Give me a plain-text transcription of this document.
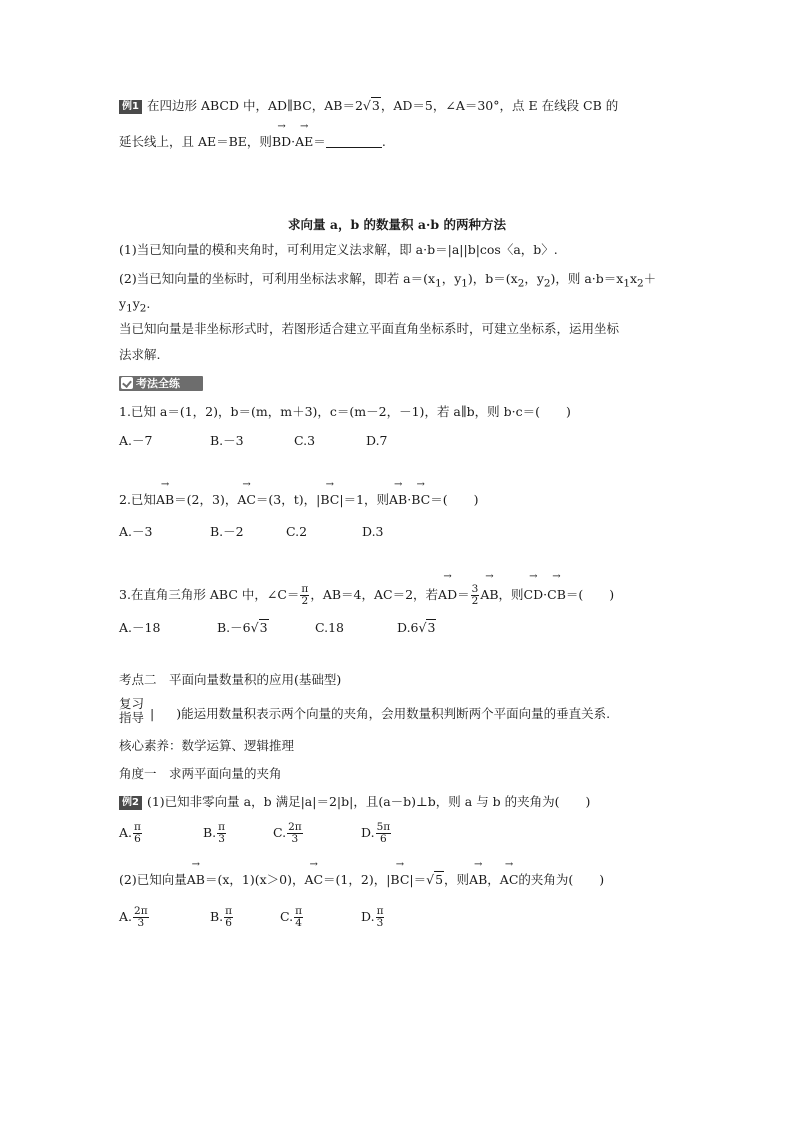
例1 在四边形 ABCD 中，AD∥BC，AB＝2√3，AD＝5，∠A＝30°，点 E 在线段 CB 的
延长线上，且 AE＝BE，则→ BD·→ AE＝	.
求向量 a，b 的数量积 a·b 的两种方法
(1)当已知向量的模和夹角时，可利用定义法求解，即 a·b＝|a||b|cos〈a，b〉.
(2)当已知向量的坐标时，可利用坐标法求解，即若 $a=(x_1$，$y_1$)，$b=(x_2$，$y_2$)，则 $a\cdot b=x_1x_2+$
$y_1y_2$.
当已知向量是非坐标形式时，若图形适合建立平面直角坐标系时，可建立坐标系，运用坐标
法求解.
考法全练
1.已知 a＝(1，2)，b＝(m，m＋3)，c＝(m－2，－1)，若 a∥b，则 b·c＝( )
A.－7	B.－3	C.3	D.7
2.已知→ AB＝(2，3)，→ AC＝(3，t)，|→ BC|＝1，则→ AB·→ BC＝( )
A.－3	B.－2	C.2	D.3
3.在直角三角形 ABC 中，∠C＝ $\frac{\pi}{2}$ ，AB＝4，AC＝2，若→ $AD= \frac{3}{2}$
→ AB，则→ CD·→ CB＝( )
A.－18	B.－6√3	C.18	D.6√3
考点二　平面向量数量积的应用(基础型)
复习
指导 | )能运用数量积表示两个向量的夹角，会用数量积判断两个平面向量的垂直关系.
核心素养：数学运算、逻辑推理
角度一　求两平面向量的夹角
例2 (1)已知非零向量 a，b 满足|a|＝2|b|，且(a－b)⊥b，则 a 与 b 的夹角为( )
A. $\frac{\pi}{6}$	B. $\frac{\pi}{3}$	C. $\frac{2\pi}{3}$	D. $\frac{5\pi}{6}$
(2)已知向量→ AB＝(x，1)(x＞0)，→ AC＝(1，2)，|→ BC|＝√5，则→ AB，→ AC的夹角为( )
A. $\frac{2\pi}{3}$	B. $\frac{\pi}{6}$	C. $\frac{\pi}{4}$	D. $\frac{\pi}{3}$
